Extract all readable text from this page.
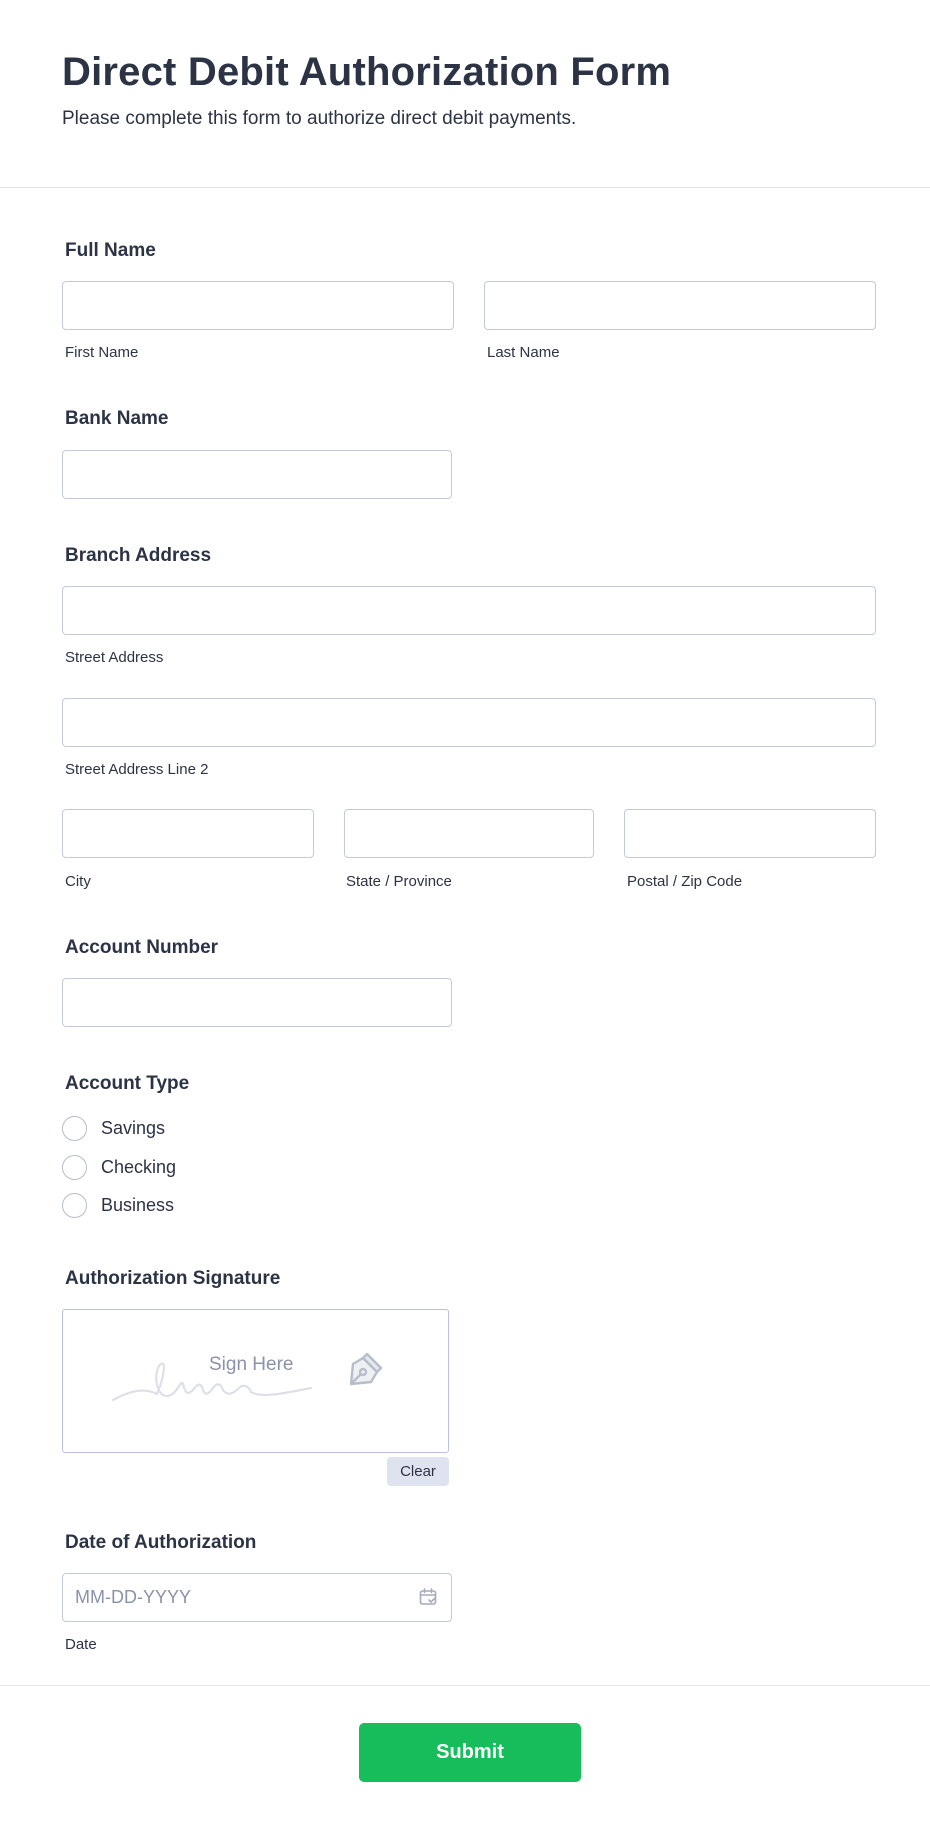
Direct Debit Authorization Form
Please complete this form to authorize direct debit payments.
Full Name
First Name	Last Name
Bank Name
Branch Address
Street Address
Street Address Line 2
City	State / Province	Postal / Zip Code
Account Number
Account Type
Savings
Checking
Business
Authorization Signature
Sign Here
Clear
Date of Authorization
MM-DD-YYYY
Date
Submit
